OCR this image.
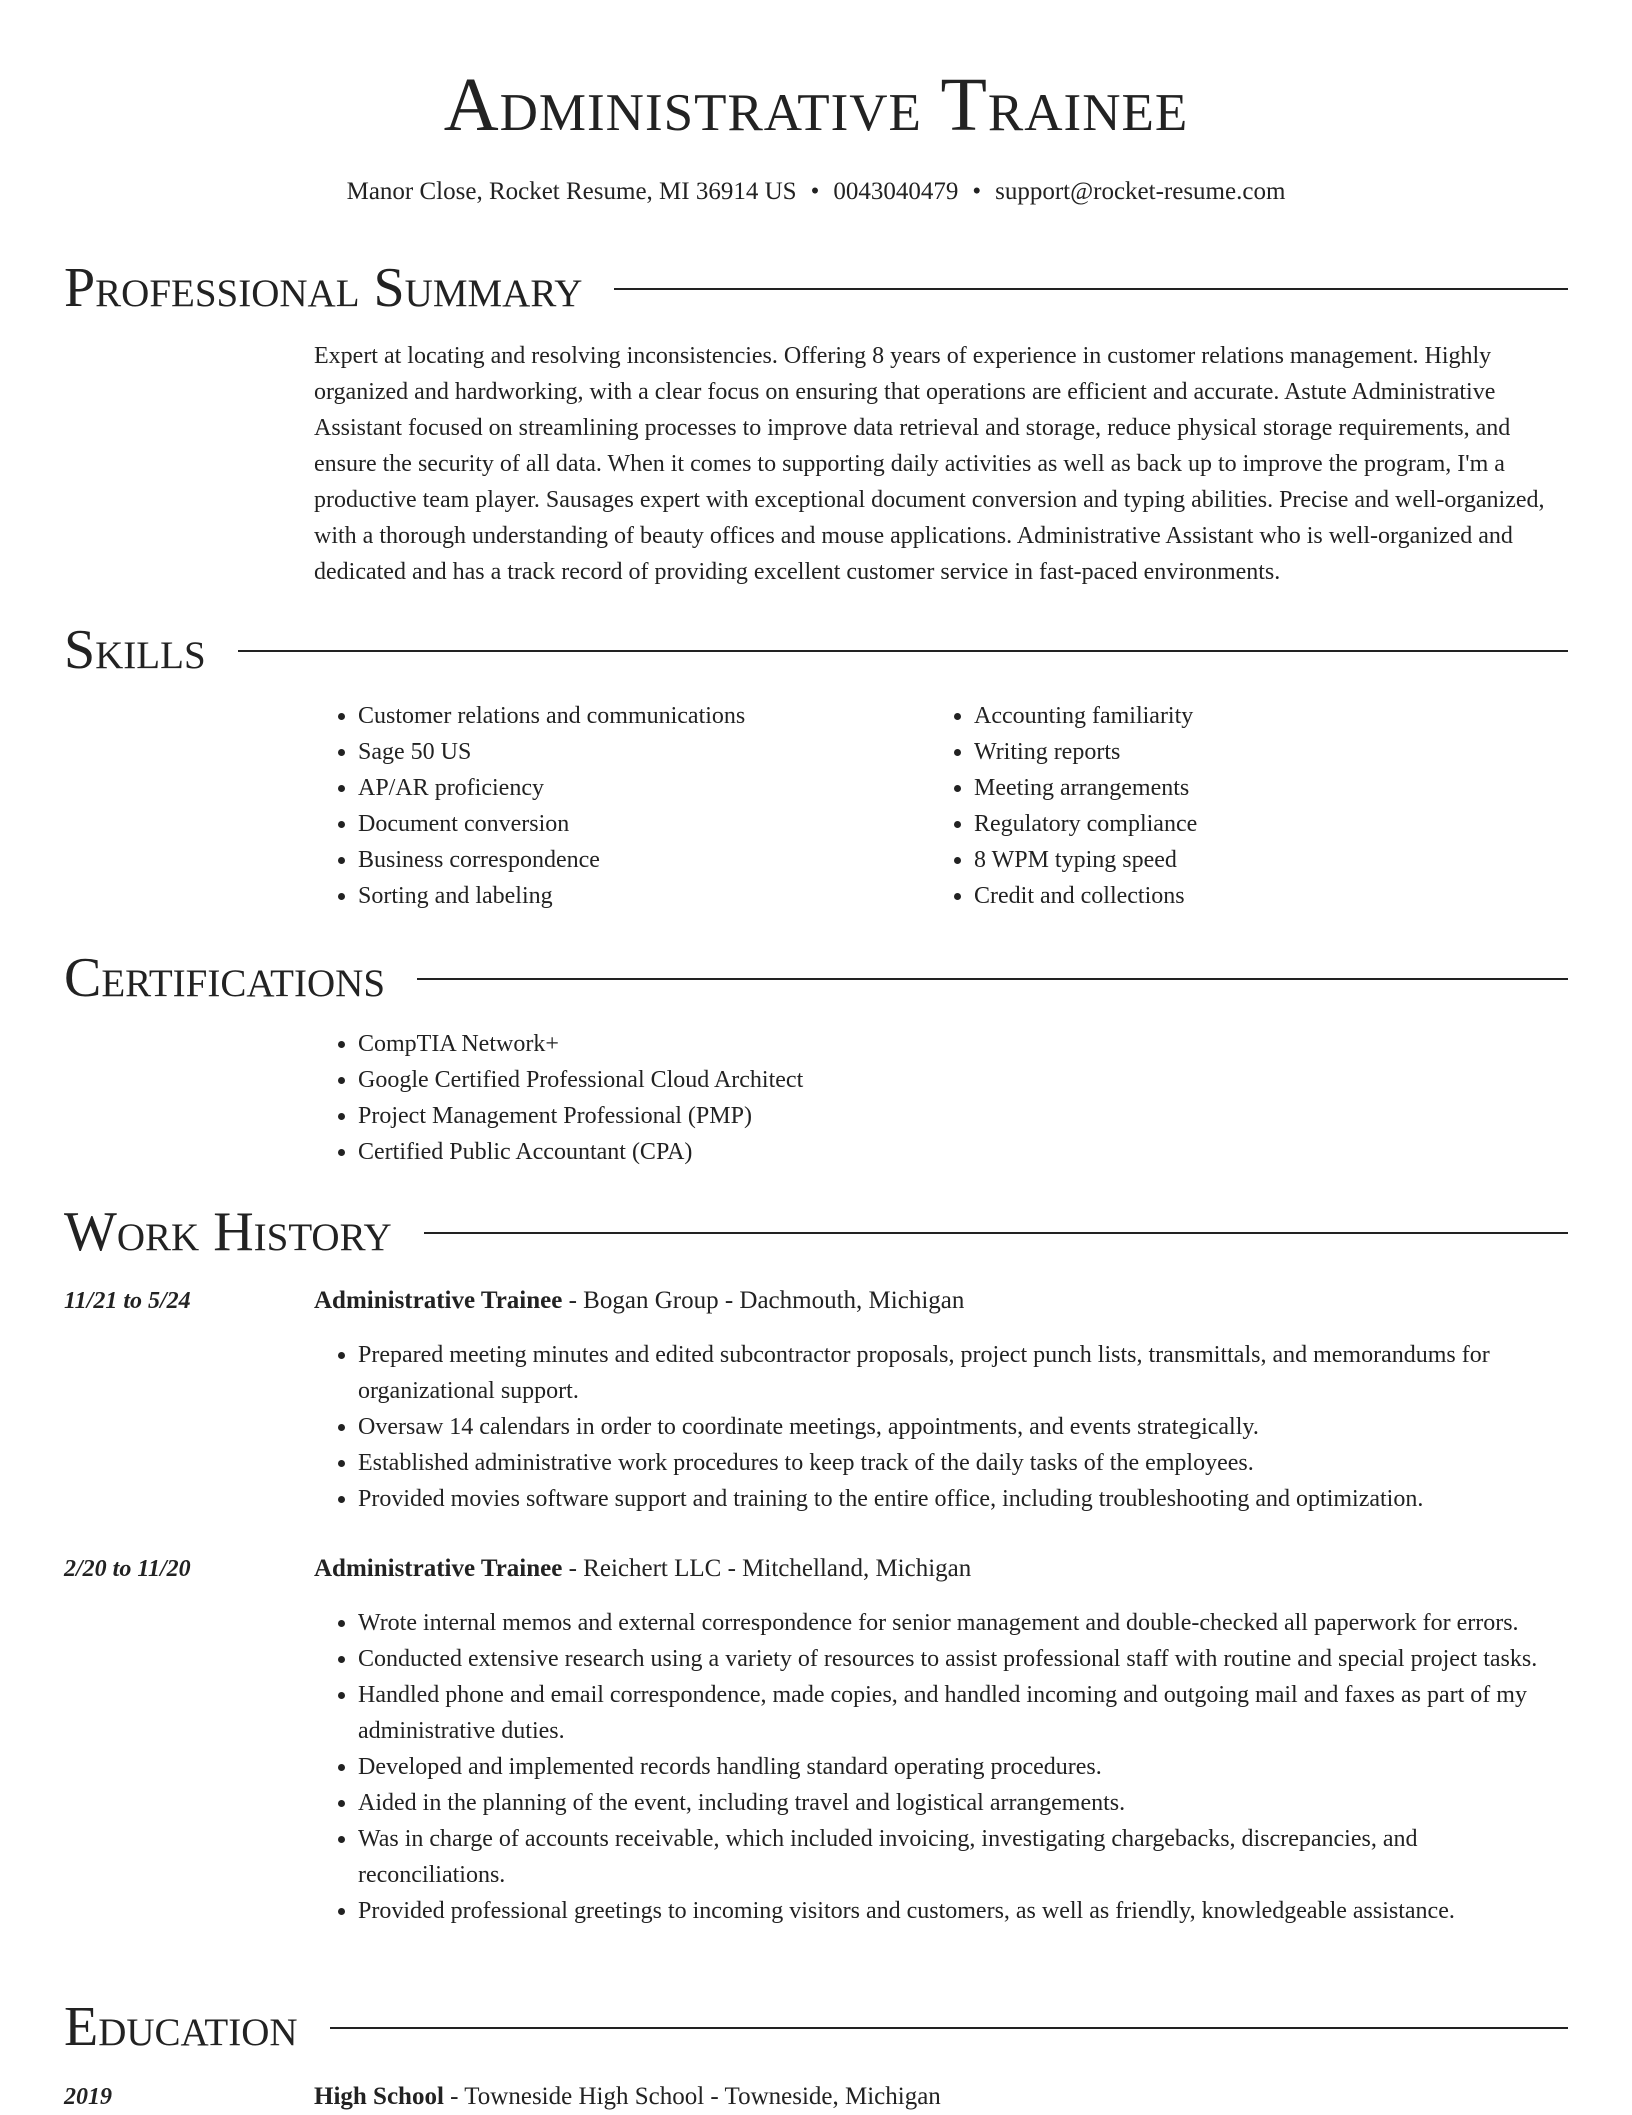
Administrative Trainee
Manor Close, Rocket Resume, MI 36914 US • 0043040479 • support@rocket-resume.com
Professional Summary
Expert at locating and resolving inconsistencies. Offering 8 years of experience in customer relations management. Highly organized and hardworking, with a clear focus on ensuring that operations are efficient and accurate. Astute Administrative Assistant focused on streamlining processes to improve data retrieval and storage, reduce physical storage requirements, and ensure the security of all data. When it comes to supporting daily activities as well as back up to improve the program, I'm a productive team player. Sausages expert with exceptional document conversion and typing abilities. Precise and well-organized, with a thorough understanding of beauty offices and mouse applications. Administrative Assistant who is well-organized and dedicated and has a track record of providing excellent customer service in fast-paced environments.
Skills
• Customer relations and communications
• Sage 50 US
• AP/AR proficiency
• Document conversion
• Business correspondence
• Sorting and labeling
• Accounting familiarity
• Writing reports
• Meeting arrangements
• Regulatory compliance
• 8 WPM typing speed
• Credit and collections
Certifications
• CompTIA Network+
• Google Certified Professional Cloud Architect
• Project Management Professional (PMP)
• Certified Public Accountant (CPA)
Work History
11/21 to 5/24	Administrative Trainee - Bogan Group - Dachmouth, Michigan
• Prepared meeting minutes and edited subcontractor proposals, project punch lists, transmittals, and memorandums for organizational support.
• Oversaw 14 calendars in order to coordinate meetings, appointments, and events strategically.
• Established administrative work procedures to keep track of the daily tasks of the employees.
• Provided movies software support and training to the entire office, including troubleshooting and optimization.
2/20 to 11/20	Administrative Trainee - Reichert LLC - Mitchelland, Michigan
• Wrote internal memos and external correspondence for senior management and double-checked all paperwork for errors.
• Conducted extensive research using a variety of resources to assist professional staff with routine and special project tasks.
• Handled phone and email correspondence, made copies, and handled incoming and outgoing mail and faxes as part of my administrative duties.
• Developed and implemented records handling standard operating procedures.
• Aided in the planning of the event, including travel and logistical arrangements.
• Was in charge of accounts receivable, which included invoicing, investigating chargebacks, discrepancies, and reconciliations.
• Provided professional greetings to incoming visitors and customers, as well as friendly, knowledgeable assistance.
Education
2019	High School - Towneside High School - Towneside, Michigan
